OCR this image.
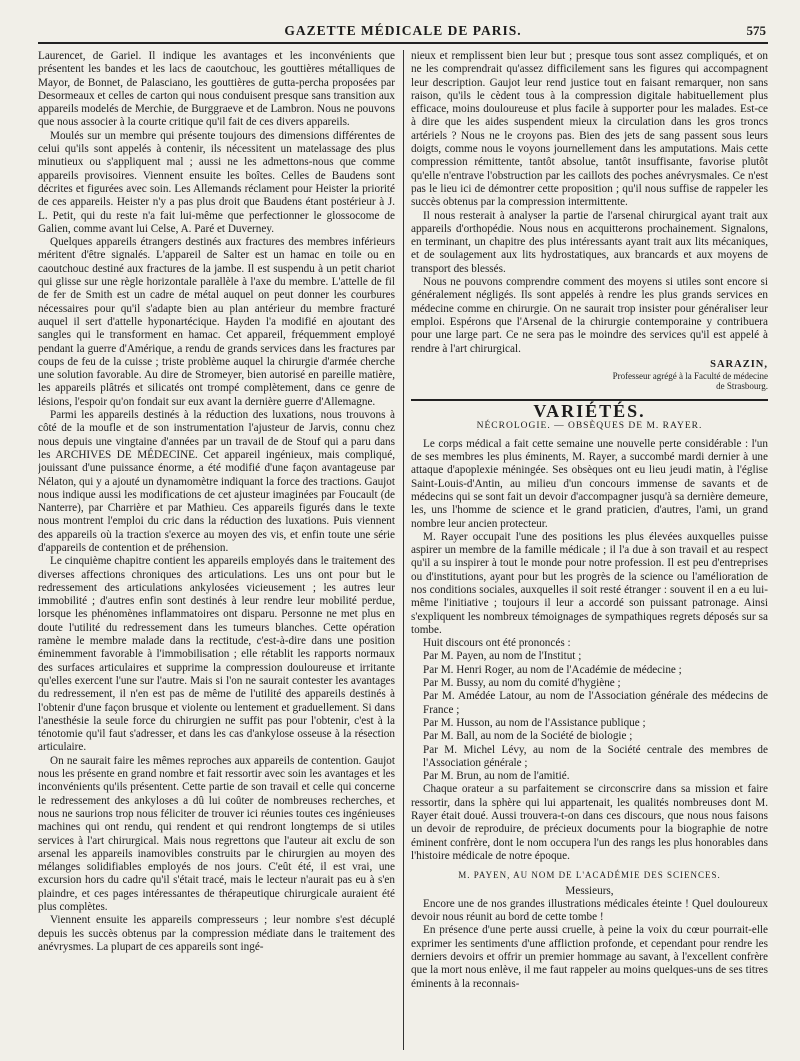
GAZETTE MÉDICALE DE PARIS.	575

Laurencet, de Gariel. Il indique les avantages et les inconvénients que présentent les bandes et les lacs de caoutchouc, les gouttières métalliques de Mayor, de Bonnet, de Palasciano, les gouttières de gutta-percha proposées par Desormeaux et celles de carton qui nous conduisent presque sans transition aux appareils modelés de Merchie, de Burggraeve et de Lambron. Nous ne pouvons que nous associer à la courte critique qu'il fait de ces divers appareils.

Moulés sur un membre qui présente toujours des dimensions différentes de celui qu'ils sont appelés à contenir, ils nécessitent un matelassage des plus minutieux ou s'appliquent mal ; aussi ne les admettons-nous que comme appareils provisoires. Viennent ensuite les boîtes. Celles de Baudens sont décrites et figurées avec soin. Les Allemands réclament pour Heister la priorité de ces appareils. Heister n'y a pas plus droit que Baudens étant postérieur à J. L. Petit, qui du reste n'a fait lui-même que perfectionner le glossocome de Galien, comme avant lui Celse, A. Paré et Duverney.

Quelques appareils étrangers destinés aux fractures des membres inférieurs méritent d'être signalés. L'appareil de Salter est un hamac en toile ou en caoutchouc destiné aux fractures de la jambe. Il est suspendu à un petit chariot qui glisse sur une règle horizontale parallèle à l'axe du membre. L'attelle de fil de fer de Smith est un cadre de métal auquel on peut donner les courbures nécessaires pour qu'il s'adapte bien au plan antérieur du membre fracturé auquel il sert d'attelle hyponartécique. Hayden l'a modifié en ajoutant des sangles qui le transforment en hamac. Cet appareil, fréquemment employé pendant la guerre d'Amérique, a rendu de grands services dans les fractures par coups de feu de la cuisse ; triste problème auquel la chirurgie d'armée cherche une solution favorable. Au dire de Stromeyer, bien autorisé en pareille matière, les appareils plâtrés et silicatés ont trompé complètement, dans ce genre de lésions, l'espoir qu'on fondait sur eux avant la dernière guerre d'Allemagne.

Parmi les appareils destinés à la réduction des luxations, nous trouvons à côté de la moufle et de son instrumentation l'ajusteur de Jarvis, connu chez nous depuis une vingtaine d'années par un travail de de Stouf qui a paru dans les ARCHIVES DE MÉDECINE. Cet appareil ingénieux, mais compliqué, jouissant d'une puissance énorme, a été modifié d'une façon avantageuse par Nélaton, qui y a ajouté un dynamomètre indiquant la force des tractions. Gaujot nous indique aussi les modifications de cet ajusteur imaginées par Foucault (de Nanterre), par Charrière et par Mathieu. Ces appareils figurés dans le texte nous montrent l'emploi du cric dans la réduction des luxations. Puis viennent des appareils où la traction s'exerce au moyen des vis, et enfin toute une série d'appareils de contention et de préhension.

Le cinquième chapitre contient les appareils employés dans le traitement des diverses affections chroniques des articulations. Les uns ont pour but le redressement des articulations ankylosées vicieusement ; les autres leur immobilité ; d'autres enfin sont destinés à leur rendre leur mobilité perdue, lorsque les phénomènes inflammatoires ont disparu. Personne ne met plus en doute l'utilité du redressement dans les tumeurs blanches. Cette opération ramène le membre malade dans la rectitude, c'est-à-dire dans une position éminemment favorable à l'immobilisation ; elle rétablit les rapports normaux des surfaces articulaires et supprime la compression douloureuse et irritante qu'elles exercent l'une sur l'autre. Mais si l'on ne saurait contester les avantages du redressement, il n'en est pas de même de l'utilité des appareils destinés à l'obtenir d'une façon brusque et violente ou lentement et graduellement. Si dans l'anesthésie la seule force du chirurgien ne suffit pas pour l'obtenir, c'est à la ténotomie qu'il faut s'adresser, et dans les cas d'ankylose osseuse à la résection articulaire.

On ne saurait faire les mêmes reproches aux appareils de contention. Gaujot nous les présente en grand nombre et fait ressortir avec soin les avantages et les inconvénients qu'ils présentent. Cette partie de son travail et celle qui concerne le redressement des ankyloses a dû lui coûter de nombreuses recherches, et nous ne saurions trop nous féliciter de trouver ici réunies toutes ces ingénieuses machines qui ont rendu, qui rendent et qui rendront longtemps de si utiles services à l'art chirurgical. Mais nous regrettons que l'auteur ait exclu de son arsenal les appareils inamovibles construits par le chirurgien au moyen des mélanges solidifiables employés de nos jours. C'eût été, il est vrai, une excursion hors du cadre qu'il s'était tracé, mais le lecteur n'aurait pas eu à s'en plaindre, et ces pages intéressantes de thérapeutique chirurgicale auraient été plus complètes.

Viennent ensuite les appareils compresseurs ; leur nombre s'est décuplé depuis les succès obtenus par la compression médiate dans le traitement des anévrysmes. La plupart de ces appareils sont ingé-

nieux et remplissent bien leur but ; presque tous sont assez compliqués, et on ne les comprendrait qu'assez difficilement sans les figures qui accompagnent leur description. Gaujot leur rend justice tout en faisant remarquer, non sans raison, qu'ils le cèdent tous à la compression digitale habituellement plus efficace, moins douloureuse et plus facile à supporter pour les malades. Est-ce à dire que les aides suspendent mieux la circulation dans les gros troncs artériels ? Nous ne le croyons pas. Bien des jets de sang passent sous leurs doigts, comme nous le voyons journellement dans les amputations. Mais cette compression rémittente, tantôt absolue, tantôt insuffisante, favorise plutôt qu'elle n'entrave l'obstruction par les caillots des poches anévrysmales. Ce n'est pas le lieu ici de démontrer cette proposition ; qu'il nous suffise de rappeler les succès obtenus par la compression intermittente.

Il nous resterait à analyser la partie de l'arsenal chirurgical ayant trait aux appareils d'orthopédie. Nous nous en acquitterons prochainement. Signalons, en terminant, un chapitre des plus intéressants ayant trait aux lits mécaniques, et de soulagement aux lits hydrostatiques, aux brancards et aux moyens de transport des blessés.

Nous ne pouvons comprendre comment des moyens si utiles sont encore si généralement négligés. Ils sont appelés à rendre les plus grands services en médecine comme en chirurgie. On ne saurait trop insister pour généraliser leur emploi. Espérons que l'Arsenal de la chirurgie contemporaine y contribuera pour une large part. Ce ne sera pas le moindre des services qu'il est appelé à rendre à l'art chirurgical.

SARAZIN,
Professeur agrégé à la Faculté de médecine
de Strasbourg.
VARIÉTÉS.
NÉCROLOGIE. — OBSÈQUES DE M. RAYER.

Le corps médical a fait cette semaine une nouvelle perte considérable : l'un de ses membres les plus éminents, M. Rayer, a succombé mardi dernier à une attaque d'apoplexie méningée. Ses obsèques ont eu lieu jeudi matin, à l'église Saint-Louis-d'Antin, au milieu d'un concours immense de savants et de médecins qui se sont fait un devoir d'accompagner jusqu'à sa dernière demeure, les, uns l'homme de science et le grand praticien, d'autres, l'ami, un grand nombre leur ancien protecteur.

M. Rayer occupait l'une des positions les plus élevées auxquelles puisse aspirer un membre de la famille médicale ; il l'a due à son travail et au respect qu'il a su inspirer à tout le monde pour notre profession. Il est peu d'entreprises ou d'institutions, ayant pour but les progrès de la science ou l'amélioration de nos conditions sociales, auxquelles il soit resté étranger : souvent il en a eu lui-même l'initiative ; toujours il leur a accordé son puissant patronage. Ainsi s'expliquent les nombreux témoignages de sympathiques regrets déposés sur sa tombe.

Huit discours ont été prononcés :

Par M. Payen, au nom de l'Institut ;
Par M. Henri Roger, au nom de l'Académie de médecine ;
Par M. Bussy, au nom du comité d'hygiène ;
Par M. Amédée Latour, au nom de l'Association générale des médecins de France ;
Par M. Husson, au nom de l'Assistance publique ;
Par M. Ball, au nom de la Société de biologie ;
Par M. Michel Lévy, au nom de la Société centrale des membres de l'Association générale ;
Par M. Brun, au nom de l'amitié.

Chaque orateur a su parfaitement se circonscrire dans sa mission et faire ressortir, dans la sphère qui lui appartenait, les qualités nombreuses dont M. Rayer était doué. Aussi trouvera-t-on dans ces discours, que nous nous faisons un devoir de reproduire, de précieux documents pour la biographie de notre éminent confrère, dont le nom occupera l'un des rangs les plus honorables dans l'histoire médicale de notre époque.

M. PAYEN, AU NOM DE L'ACADÉMIE DES SCIENCES.

Messieurs,

Encore une de nos grandes illustrations médicales éteinte ! Quel douloureux devoir nous réunit au bord de cette tombe !

En présence d'une perte aussi cruelle, à peine la voix du cœur pourrait-elle exprimer les sentiments d'une affliction profonde, et cependant pour rendre les derniers devoirs et offrir un premier hommage au savant, à l'excellent confrère que la mort nous enlève, il me faut rappeler au moins quelques-uns de ses titres éminents à la reconnais-
